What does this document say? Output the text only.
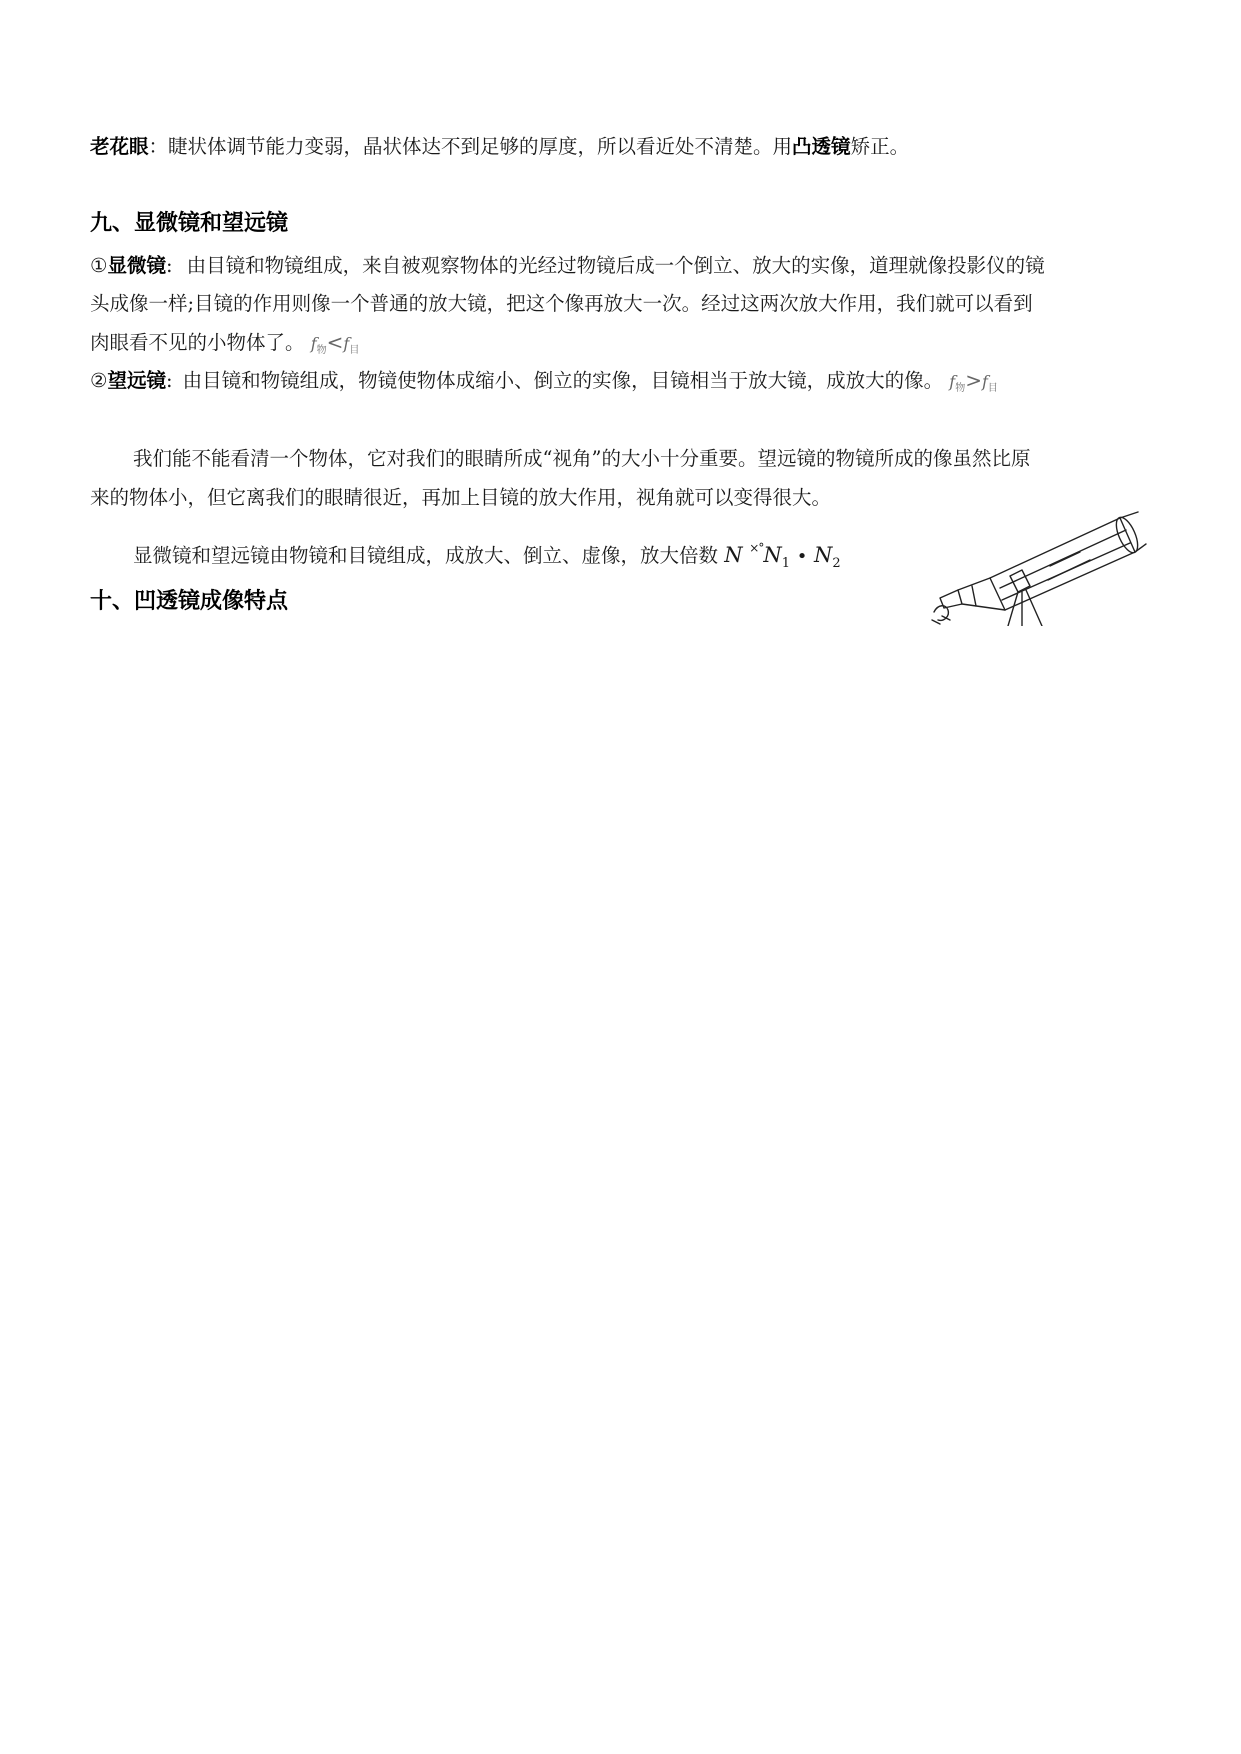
老花眼：睫状体调节能力变弱，晶状体达不到足够的厚度，所以看近处不清楚。用凸透镜矫正。
九、显微镜和望远镜
①显微镜: 由目镜和物镜组成，来自被观察物体的光经过物镜后成一个倒立、放大的实像，道理就像投影仪的镜
头成像一样;目镜的作用则像一个普通的放大镜，把这个像再放大一次。经过这两次放大作用，我们就可以看到
肉眼看不见的小物体了。 $f_物<f_目$
②望远镜: 由目镜和物镜组成，物镜使物体成缩小、倒立的实像，目镜相当于放大镜，成放大的像。 $f_物>f_目$
我们能不能看清一个物体，它对我们的眼睛所成“视角”的大小十分重要。望远镜的物镜所成的像虽然比原
来的物体小，但它离我们的眼睛很近，再加上目镜的放大作用，视角就可以变得很大。
显微镜和望远镜由物镜和目镜组成，成放大、倒立、虚像，放大倍数 N $^{\times^\circ}N_1$ • $N_2$
十、凹透镜成像特点
